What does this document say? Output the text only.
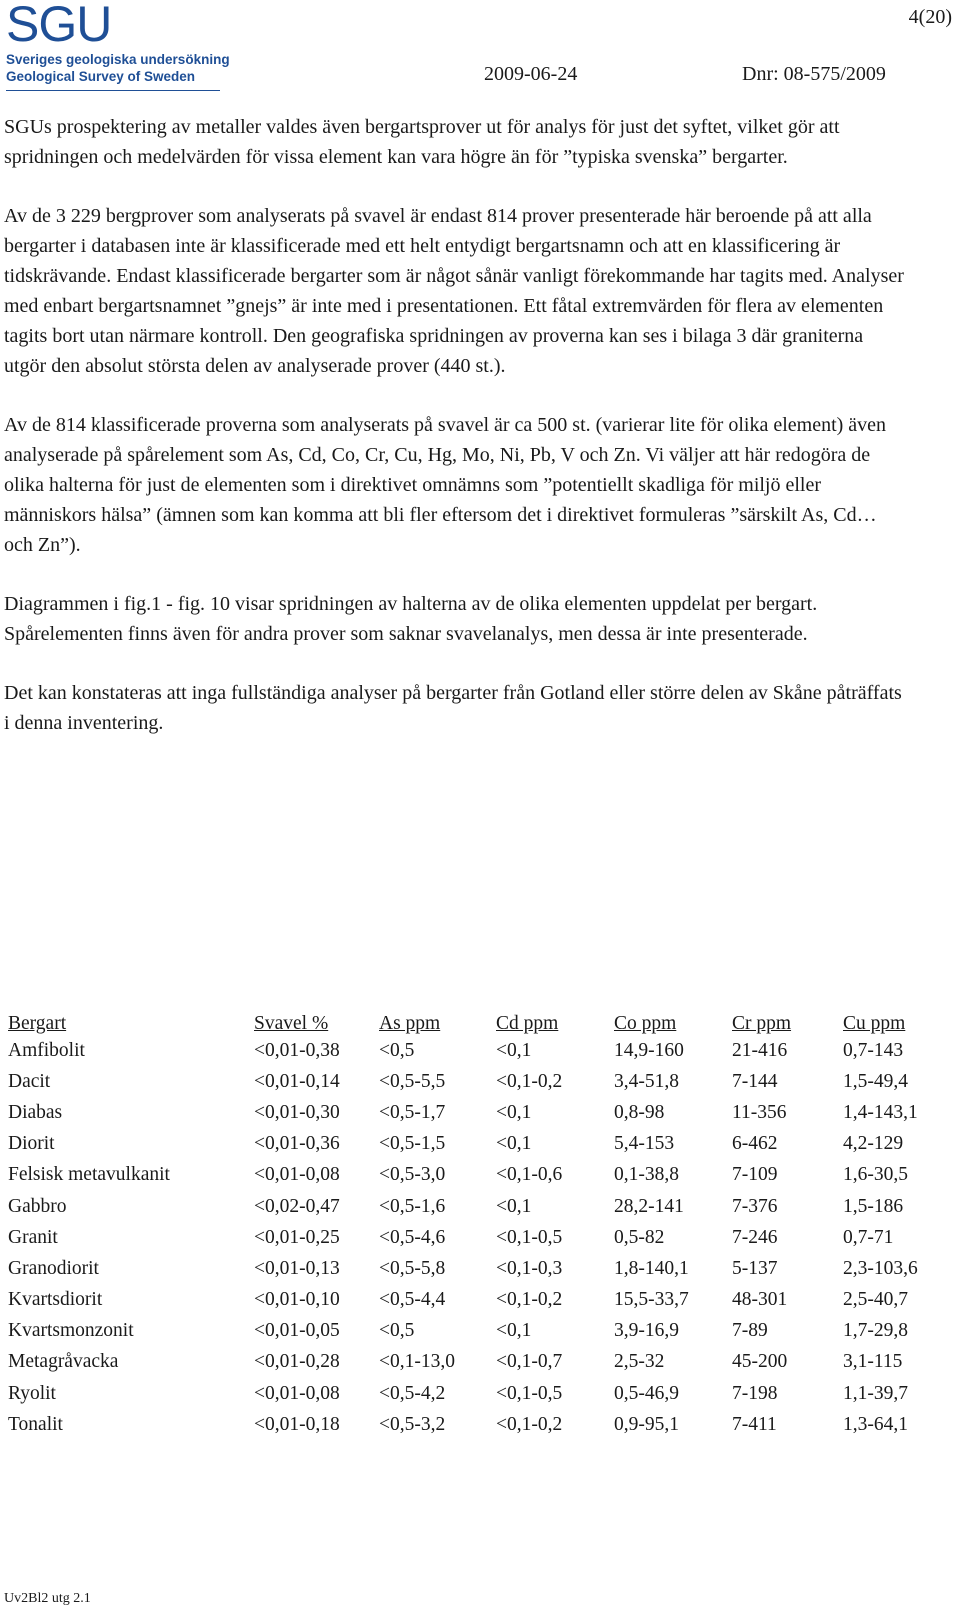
SGU
Sveriges geologiska undersökning
Geological Survey of Sweden
4(20)
2009-06-24	Dnr: 08-575/2009

SGUs prospektering av metaller valdes även bergartsprover ut för analys för just det syftet, vilket gör att spridningen och medelvärden för vissa element kan vara högre än för ”typiska svenska” bergarter.

Av de 3 229 bergprover som analyserats på svavel är endast 814 prover presenterade här beroende på att alla bergarter i databasen inte är klassificerade med ett helt entydigt bergartsnamn och att en klassificering är tidskrävande. Endast klassificerade bergarter som är något sånär vanligt förekommande har tagits med. Analyser med enbart bergartsnamnet ”gnejs” är inte med i presentationen. Ett fåtal extremvärden för flera av elementen tagits bort utan närmare kontroll. Den geografiska spridningen av proverna kan ses i bilaga 3 där graniterna utgör den absolut största delen av analyserade prover (440 st.).

Av de 814 klassificerade proverna som analyserats på svavel är ca 500 st. (varierar lite för olika element) även analyserade på spårelement som As, Cd, Co, Cr, Cu, Hg, Mo, Ni, Pb, V och Zn. Vi väljer att här redogöra de olika halterna för just de elementen som i direktivet omnämns som ”potentiellt skadliga för miljö eller människors hälsa” (ämnen som kan komma att bli fler eftersom det i direktivet formuleras ”särskilt As, Cd… och Zn”).

Diagrammen i fig.1 - fig. 10 visar spridningen av halterna av de olika elementen uppdelat per bergart. Spårelementen finns även för andra prover som saknar svavelanalys, men dessa är inte presenterade.

Det kan konstateras att inga fullständiga analyser på bergarter från Gotland eller större delen av Skåne påträffats i denna inventering.

Bergart	Svavel %	As ppm	Cd ppm	Co ppm	Cr ppm	Cu ppm
Amfibolit	<0,01-0,38	<0,5	<0,1	14,9-160	21-416	0,7-143
Dacit	<0,01-0,14	<0,5-5,5	<0,1-0,2	3,4-51,8	7-144	1,5-49,4
Diabas	<0,01-0,30	<0,5-1,7	<0,1	0,8-98	11-356	1,4-143,1
Diorit	<0,01-0,36	<0,5-1,5	<0,1	5,4-153	6-462	4,2-129
Felsisk metavulkanit	<0,01-0,08	<0,5-3,0	<0,1-0,6	0,1-38,8	7-109	1,6-30,5
Gabbro	<0,02-0,47	<0,5-1,6	<0,1	28,2-141	7-376	1,5-186
Granit	<0,01-0,25	<0,5-4,6	<0,1-0,5	0,5-82	7-246	0,7-71
Granodiorit	<0,01-0,13	<0,5-5,8	<0,1-0,3	1,8-140,1	5-137	2,3-103,6
Kvartsdiorit	<0,01-0,10	<0,5-4,4	<0,1-0,2	15,5-33,7	48-301	2,5-40,7
Kvartsmonzonit	<0,01-0,05	<0,5	<0,1	3,9-16,9	7-89	1,7-29,8
Metagråvacka	<0,01-0,28	<0,1-13,0	<0,1-0,7	2,5-32	45-200	3,1-115
Ryolit	<0,01-0,08	<0,5-4,2	<0,1-0,5	0,5-46,9	7-198	1,1-39,7
Tonalit	<0,01-0,18	<0,5-3,2	<0,1-0,2	0,9-95,1	7-411	1,3-64,1
Uv2Bl2 utg 2.1
